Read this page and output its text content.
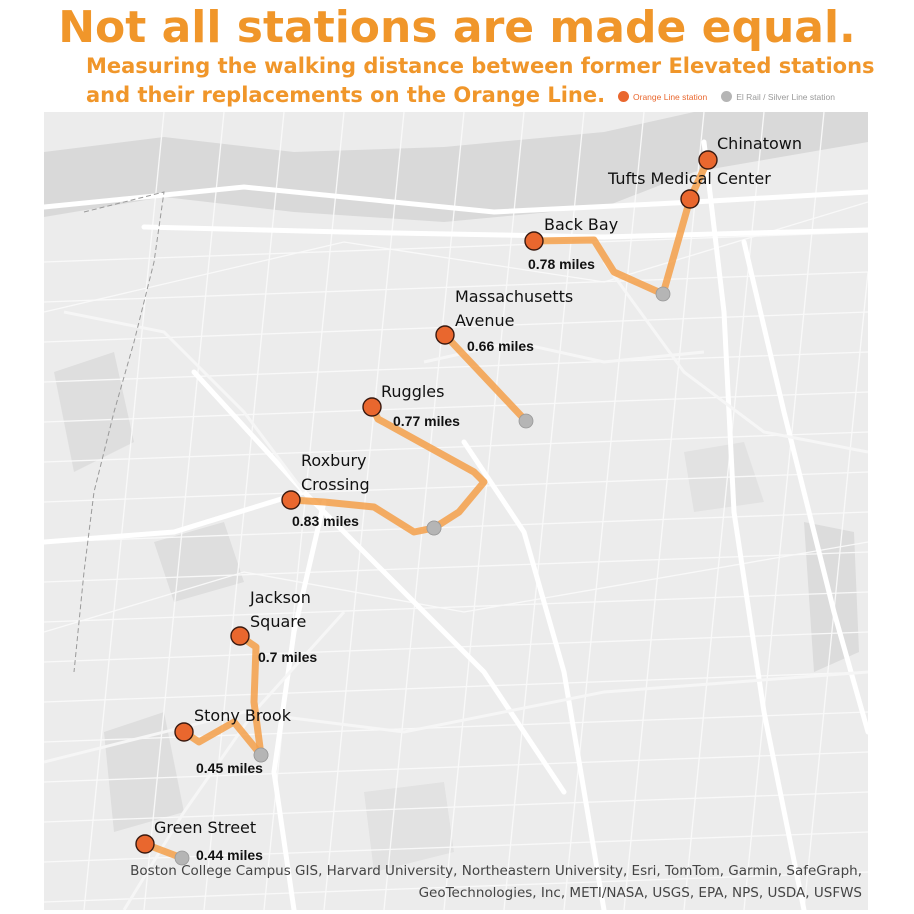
Not all stations are made equal.
Measuring the walking distance between former Elevated stations
and their replacements on the Orange Line.	Orange Line station	El Rail / Silver Line station
Chinatown
Tufts Medical Center
Back Bay
0.78 miles
Massachusetts Avenue
0.66 miles
Ruggles
0.77 miles
Roxbury Crossing
0.83 miles
Jackson Square
0.7 miles
Stony Brook
0.45 miles
Green Street
0.44 miles
Boston College Campus GIS, Harvard University, Northeastern University, Esri, TomTom, Garmin, SafeGraph,
GeoTechnologies, Inc, METI/NASA, USGS, EPA, NPS, USDA, USFWS
